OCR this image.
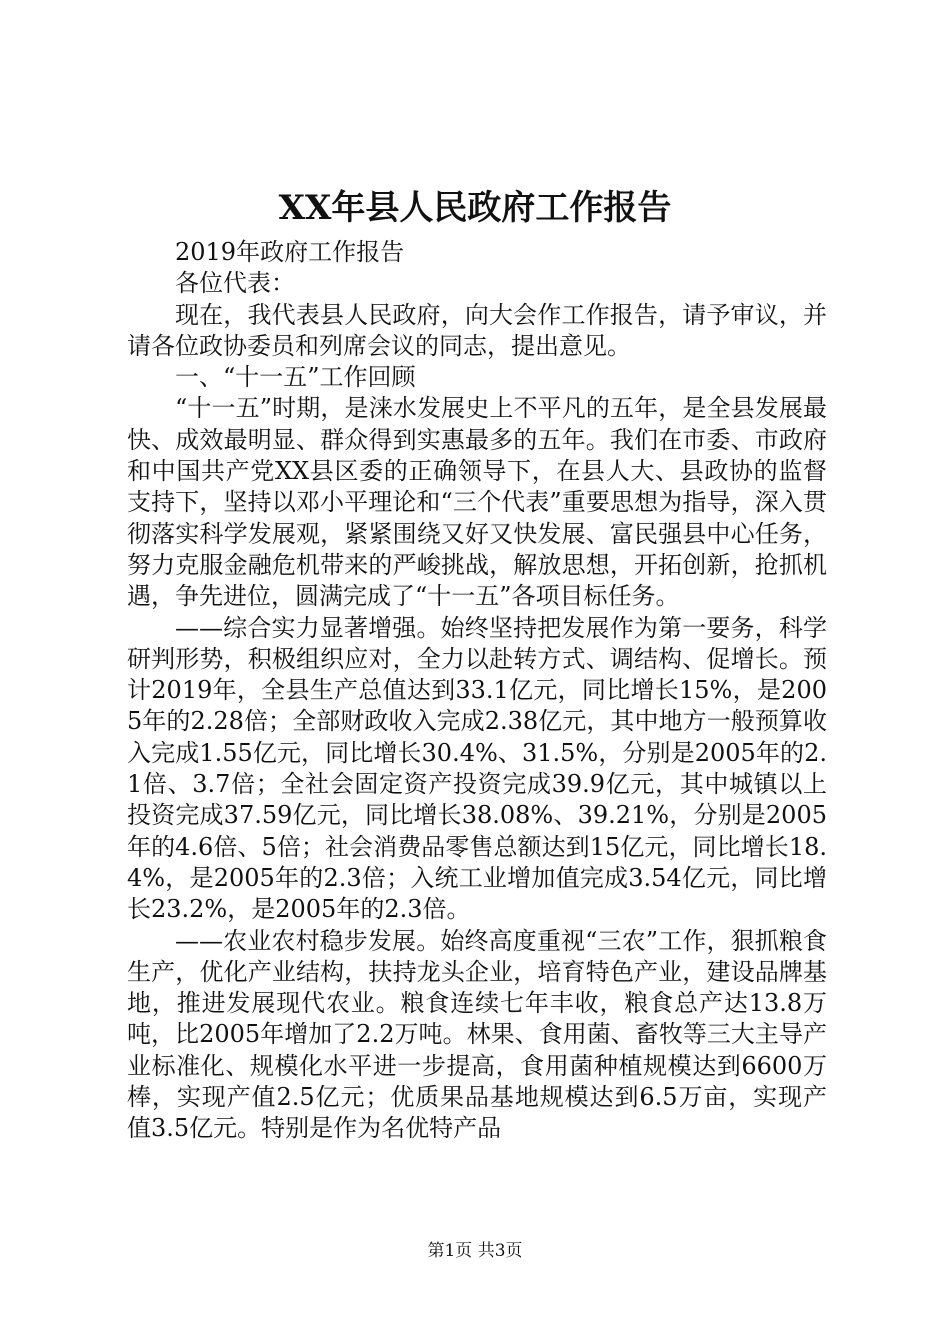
XX年县人民政府工作报告

2019年政府工作报告

各位代表：

现在，我代表县人民政府，向大会作工作报告，请予审议，并请各位政协委员和列席会议的同志，提出意见。

一、“十一五”工作回顾

“十一五”时期，是涞水发展史上不平凡的五年，是全县发展最快、成效最明显、群众得到实惠最多的五年。我们在市委、市政府和中国共产党XX县区委的正确领导下，在县人大、县政协的监督支持下，坚持以邓小平理论和“三个代表”重要思想为指导，深入贯彻落实科学发展观，紧紧围绕又好又快发展、富民强县中心任务，努力克服金融危机带来的严峻挑战，解放思想，开拓创新，抢抓机遇，争先进位，圆满完成了“十一五”各项目标任务。

——综合实力显著增强。始终坚持把发展作为第一要务，科学研判形势，积极组织应对，全力以赴转方式、调结构、促增长。预计2019年，全县生产总值达到33.1亿元，同比增长15%，是2005年的2.28倍；全部财政收入完成2.38亿元，其中地方一般预算收入完成1.55亿元，同比增长30.4%、31.5%，分别是2005年的2.1倍、3.7倍；全社会固定资产投资完成39.9亿元，其中城镇以上投资完成37.59亿元，同比增长38.08%、39.21%，分别是2005年的4.6倍、5倍；社会消费品零售总额达到15亿元，同比增长18.4%，是2005年的2.3倍；入统工业增加值完成3.54亿元，同比增长23.2%，是2005年的2.3倍。

——农业农村稳步发展。始终高度重视“三农”工作，狠抓粮食生产，优化产业结构，扶持龙头企业，培育特色产业，建设品牌基地，推进发展现代农业。粮食连续七年丰收，粮食总产达13.8万吨，比2005年增加了2.2万吨。林果、食用菌、畜牧等三大主导产业标准化、规模化水平进一步提高，食用菌种植规模达到6600万棒，实现产值2.5亿元；优质果品基地规模达到6.5万亩，实现产值3.5亿元。特别是作为名优特产品

第1页 共3页
